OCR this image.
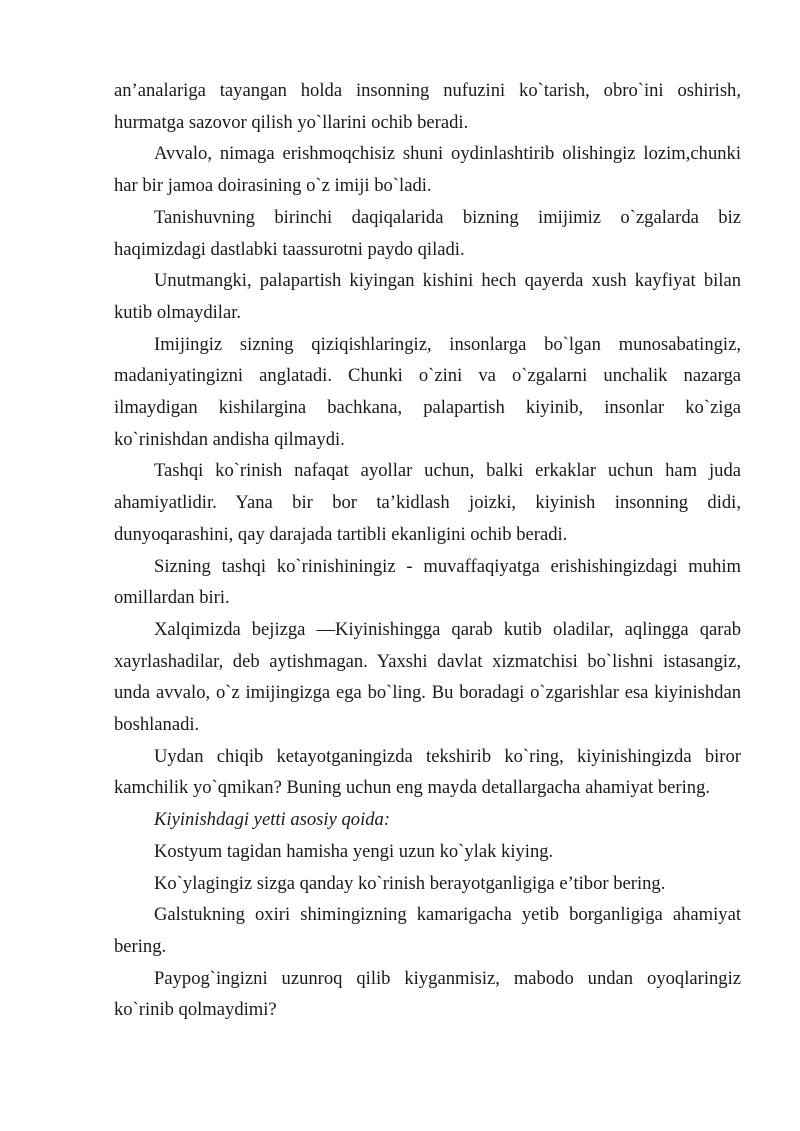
an’analariga tayangan holda insonning nufuzini ko`tarish, obro`ini oshirish, hurmatga sazovor qilish yo`llarini ochib beradi.

Avvalo, nimaga erishmoqchisiz shuni oydinlashtirib olishingiz lozim,chunki har bir jamoa doirasining o`z imiji bo`ladi.

Tanishuvning birinchi daqiqalarida bizning imijimiz o`zgalarda biz haqimizdagi dastlabki taassurotni paydo qiladi.

Unutmangki, palapartish kiyingan kishini hech qayerda xush kayfiyat bilan kutib olmaydilar.

Imijingiz sizning qiziqishlaringiz, insonlarga bo`lgan munosabatingiz, madaniyatingizni anglatadi. Chunki o`zini va o`zgalarni unchalik nazarga ilmaydigan kishilargina bachkana, palapartish kiyinib, insonlar ko`ziga ko`rinishdan andisha qilmaydi.

Tashqi ko`rinish nafaqat ayollar uchun, balki erkaklar uchun ham juda ahamiyatlidir. Yana bir bor ta’kidlash joizki, kiyinish insonning didi, dunyoqarashini, qay darajada tartibli ekanligini ochib beradi.

Sizning tashqi ko`rinishiningiz - muvaffaqiyatga erishishingizdagi muhim omillardan biri.

Xalqimizda bejizga ―Kiyinishingga qarab kutib oladilar, aqlingga qarab xayrlashadilar, deb aytishmagan. Yaxshi davlat xizmatchisi bo`lishni istasangiz, unda avvalo, o`z imijingizga ega bo`ling. Bu boradagi o`zgarishlar esa kiyinishdan boshlanadi.

Uydan chiqib ketayotganingizda tekshirib ko`ring, kiyinishingizda biror kamchilik yo`qmikan? Buning uchun eng mayda detallargacha ahamiyat bering.

Kiyinishdagi yetti asosiy qoida:

Kostyum tagidan hamisha yengi uzun ko`ylak kiying.

Ko`ylagingiz sizga qanday ko`rinish berayotganligiga e’tibor bering.

Galstukning oxiri shimingizning kamarigacha yetib borganligiga ahamiyat bering.

Paypog`ingizni uzunroq qilib kiyganmisiz, mabodo undan oyoqlaringiz ko`rinib qolmaydimi?
